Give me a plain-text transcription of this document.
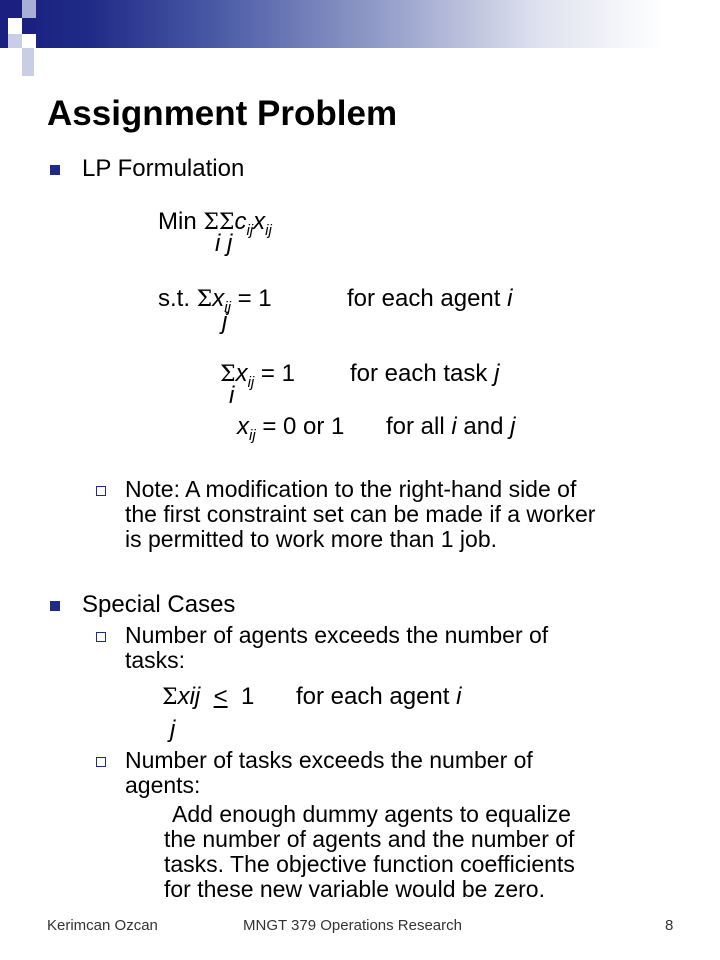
Assignment Problem
LP Formulation
Min $\Sigma\Sigma c_{ij}x_{ij}$
i j
s.t. $\Sigma x_{ij} = 1$	for each agent i
j
$\Sigma x_{ij} = 1$ for each task j
i
$x_{ij} = 0$ or 1 for all i and j
Note: A modification to the right-hand side of
the first constraint set can be made if a worker
is permitted to work more than 1 job.
Special Cases
Number of agents exceeds the number of
tasks:
Σxij ≤ 1 for each agent i
j
Number of tasks exceeds the number of
agents:
Add enough dummy agents to equalize
the number of agents and the number of
tasks. The objective function coefficients
for these new variable would be zero.
Kerimcan Ozcan	MNGT 379 Operations Research	8
